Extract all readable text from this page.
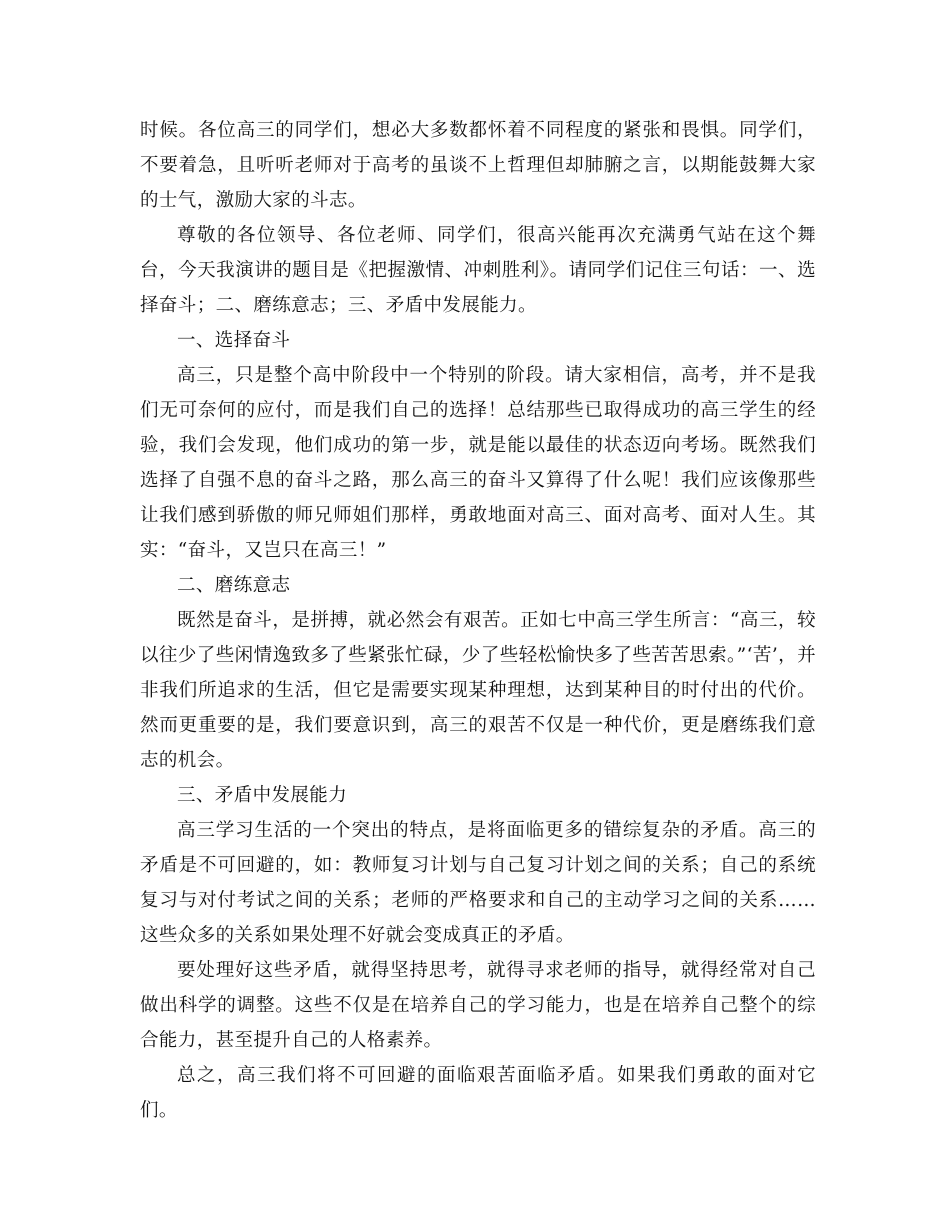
时候。各位高三的同学们，想必大多数都怀着不同程度的紧张和畏惧。同学们，不要着急，且听听老师对于高考的虽谈不上哲理但却肺腑之言，以期能鼓舞大家的士气，激励大家的斗志。

尊敬的各位领导、各位老师、同学们，很高兴能再次充满勇气站在这个舞台，今天我演讲的题目是《把握激情、冲刺胜利》。请同学们记住三句话：一、选择奋斗；二、磨练意志；三、矛盾中发展能力。

一、选择奋斗

高三，只是整个高中阶段中一个特别的阶段。请大家相信，高考，并不是我们无可奈何的应付，而是我们自己的选择！总结那些已取得成功的高三学生的经验，我们会发现，他们成功的第一步，就是能以最佳的状态迈向考场。既然我们选择了自强不息的奋斗之路，那么高三的奋斗又算得了什么呢！我们应该像那些让我们感到骄傲的师兄师姐们那样，勇敢地面对高三、面对高考、面对人生。其实：“奋斗，又岂只在高三！”

二、磨练意志

既然是奋斗，是拼搏，就必然会有艰苦。正如七中高三学生所言：“高三，较以往少了些闲情逸致多了些紧张忙碌，少了些轻松愉快多了些苦苦思索。”‘苦’，并非我们所追求的生活，但它是需要实现某种理想，达到某种目的时付出的代价。然而更重要的是，我们要意识到，高三的艰苦不仅是一种代价，更是磨练我们意志的机会。

三、矛盾中发展能力

高三学习生活的一个突出的特点，是将面临更多的错综复杂的矛盾。高三的矛盾是不可回避的，如：教师复习计划与自己复习计划之间的关系；自己的系统复习与对付考试之间的关系；老师的严格要求和自己的主动学习之间的关系……这些众多的关系如果处理不好就会变成真正的矛盾。

要处理好这些矛盾，就得坚持思考，就得寻求老师的指导，就得经常对自己做出科学的调整。这些不仅是在培养自己的学习能力，也是在培养自己整个的综合能力，甚至提升自己的人格素养。

总之，高三我们将不可回避的面临艰苦面临矛盾。如果我们勇敢的面对它们。
